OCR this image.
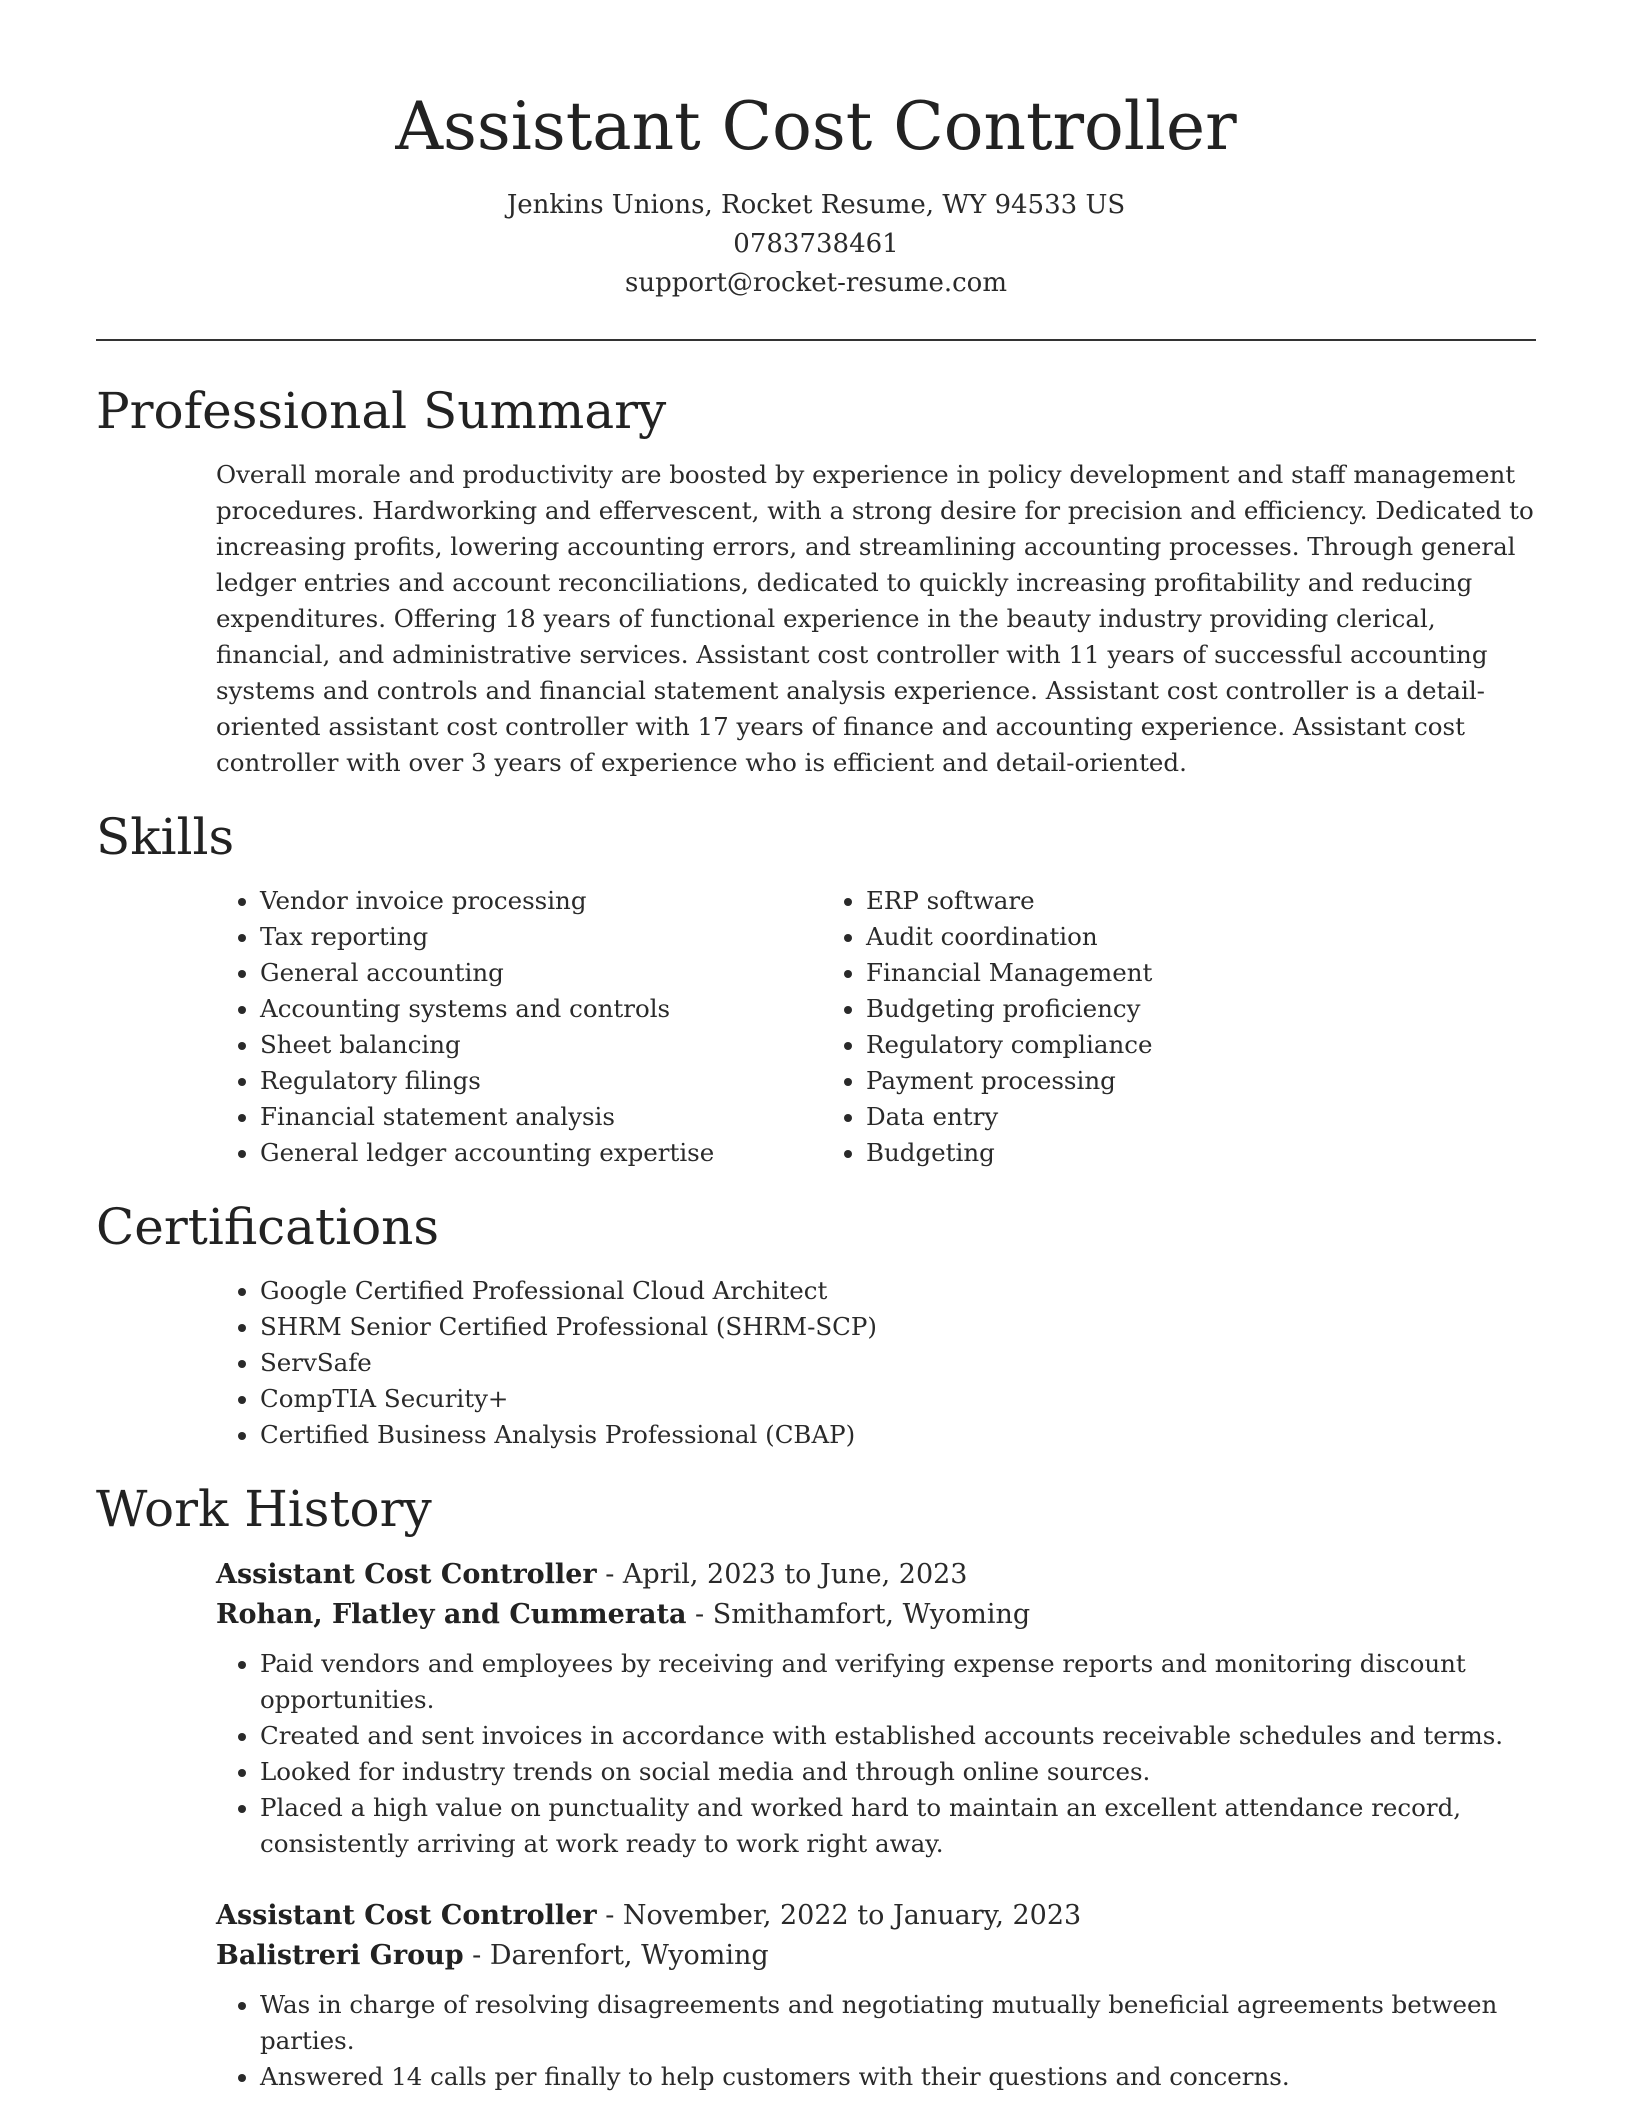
Assistant Cost Controller
Jenkins Unions, Rocket Resume, WY 94533 US
0783738461
support@rocket-resume.com
Professional Summary

Overall morale and productivity are boosted by experience in policy development and staff management procedures. Hardworking and effervescent, with a strong desire for precision and efficiency. Dedicated to increasing profits, lowering accounting errors, and streamlining accounting processes. Through general ledger entries and account reconciliations, dedicated to quickly increasing profitability and reducing expenditures. Offering 18 years of functional experience in the beauty industry providing clerical, financial, and administrative services. Assistant cost controller with 11 years of successful accounting systems and controls and financial statement analysis experience. Assistant cost controller is a detail-oriented assistant cost controller with 17 years of finance and accounting experience. Assistant cost controller with over 3 years of experience who is efficient and detail-oriented.

Skills
• Vendor invoice processing
• Tax reporting
• General accounting
• Accounting systems and controls
• Sheet balancing
• Regulatory filings
• Financial statement analysis
• General ledger accounting expertise
• ERP software
• Audit coordination
• Financial Management
• Budgeting proficiency
• Regulatory compliance
• Payment processing
• Data entry
• Budgeting
Certifications
• Google Certified Professional Cloud Architect
• SHRM Senior Certified Professional (SHRM-SCP)
• ServSafe
• CompTIA Security+
• Certified Business Analysis Professional (CBAP)
Work History
Assistant Cost Controller - April, 2023 to June, 2023
Rohan, Flatley and Cummerata - Smithamfort, Wyoming
• Paid vendors and employees by receiving and verifying expense reports and monitoring discount opportunities.
• Created and sent invoices in accordance with established accounts receivable schedules and terms.
• Looked for industry trends on social media and through online sources.
• Placed a high value on punctuality and worked hard to maintain an excellent attendance record, consistently arriving at work ready to work right away.
Assistant Cost Controller - November, 2022 to January, 2023
Balistreri Group - Darenfort, Wyoming
• Was in charge of resolving disagreements and negotiating mutually beneficial agreements between parties.
• Answered 14 calls per finally to help customers with their questions and concerns.
